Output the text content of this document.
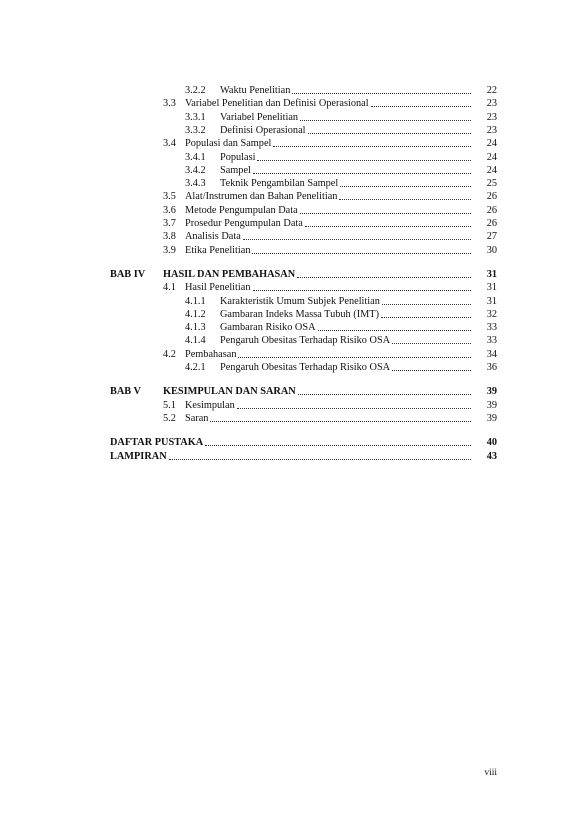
3.2.2 Waktu Penelitian	22
3.3 Variabel Penelitian dan Definisi Operasional	23
3.3.1 Variabel Penelitian	23
3.3.2 Definisi Operasional	23
3.4 Populasi dan Sampel	24
3.4.1 Populasi	24
3.4.2 Sampel	24
3.4.3 Teknik Pengambilan Sampel	25
3.5 Alat/Instrumen dan Bahan Penelitian	26
3.6 Metode Pengumpulan Data	26
3.7 Prosedur Pengumpulan Data	26
3.8 Analisis Data	27
3.9 Etika Penelitian	30
BAB IV HASIL DAN PEMBAHASAN	31
4.1 Hasil Penelitian	31
4.1.1 Karakteristik Umum Subjek Penelitian	31
4.1.2 Gambaran Indeks Massa Tubuh (IMT)	32
4.1.3 Gambaran Risiko OSA	33
4.1.4 Pengaruh Obesitas Terhadap Risiko OSA	33
4.2 Pembahasan	34
4.2.1 Pengaruh Obesitas Terhadap Risiko OSA	36
BAB V KESIMPULAN DAN SARAN	39
5.1 Kesimpulan	39
5.2 Saran	39
DAFTAR PUSTAKA	40
LAMPIRAN	43
viii
